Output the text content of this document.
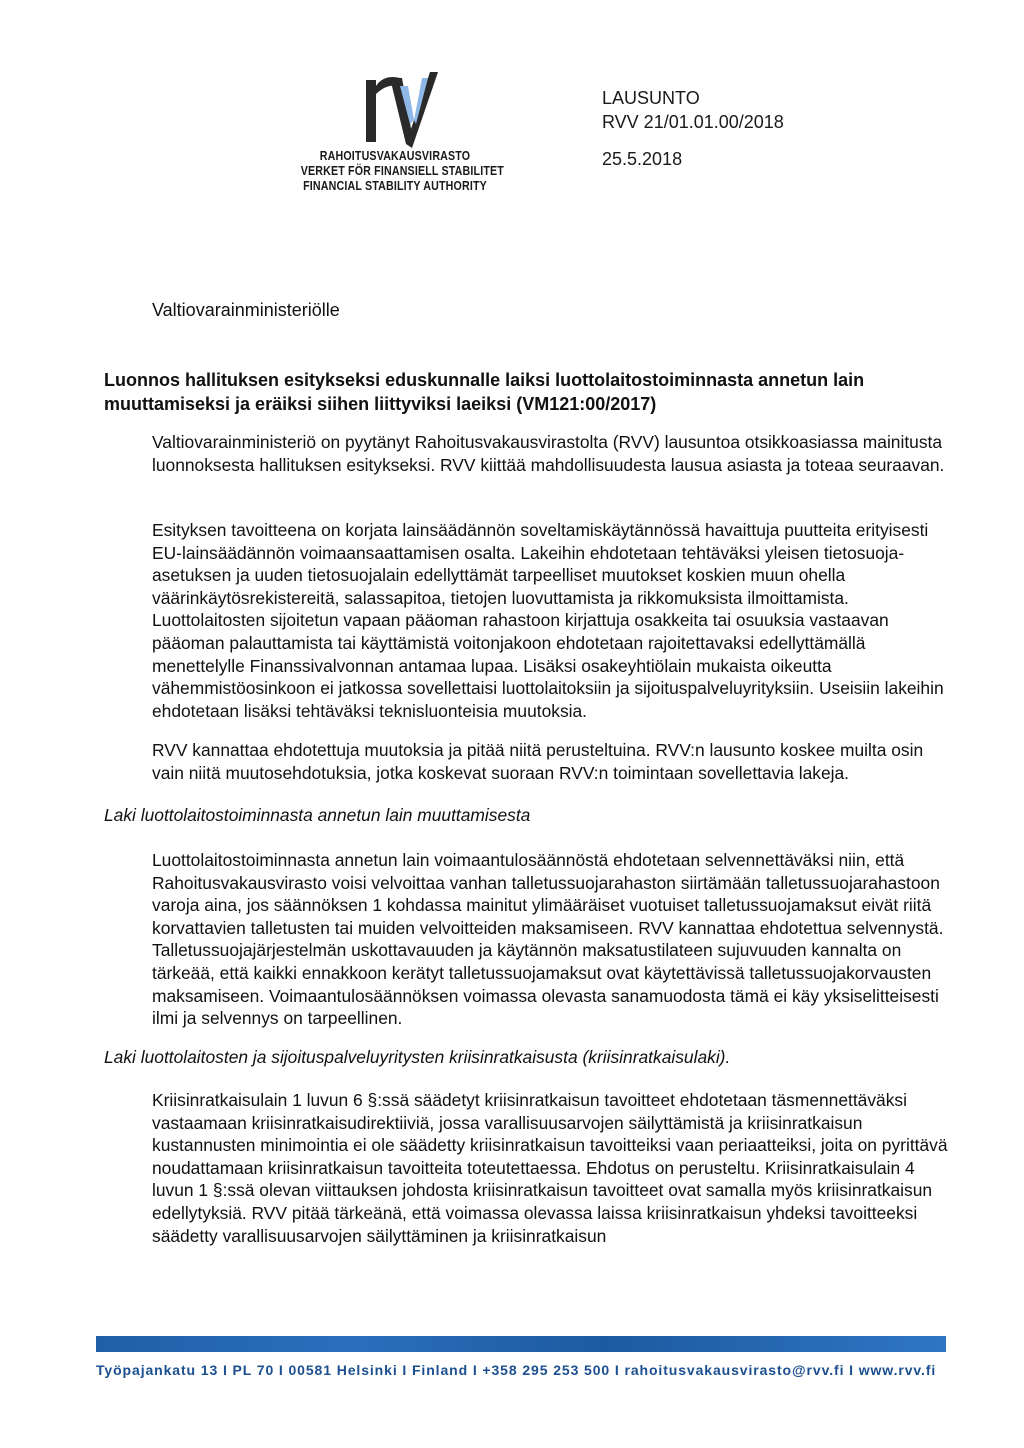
RAHOITUSVAKAUSVIRASTO
VERKET FÖR FINANSIELL STABILITET
FINANCIAL STABILITY AUTHORITY
LAUSUNTO
RVV 21/01.01.00/2018
25.5.2018
Valtiovarainministeriölle
Luonnos hallituksen esitykseksi eduskunnalle laiksi luottolaitostoiminnasta annetun lain muuttamiseksi ja eräiksi siihen liittyviksi laeiksi (VM121:00/2017)
Valtiovarainministeriö on pyytänyt Rahoitusvakausvirastolta (RVV) lausuntoa otsikkoasiassa mainitusta luonnoksesta hallituksen esitykseksi. RVV kiittää mahdollisuudesta lausua asiasta ja toteaa seuraavan.
Esityksen tavoitteena on korjata lainsäädännön soveltamiskäytännössä havaittuja puutteita erityisesti EU-lainsäädännön voimaansaattamisen osalta. Lakeihin ehdotetaan tehtäväksi yleisen tietosuoja-asetuksen ja uuden tietosuojalain edellyttämät tarpeelliset muutokset koskien muun ohella väärinkäytösrekistereitä, salassapitoa, tietojen luovuttamista ja rikkomuksista ilmoittamista. Luottolaitosten sijoitetun vapaan pääoman rahastoon kirjattuja osakkeita tai osuuksia vastaavan pääoman palauttamista tai käyttämistä voitonjakoon ehdotetaan rajoitettavaksi edellyttämällä menettelylle Finanssivalvonnan antamaa lupaa. Lisäksi osakeyhtiölain mukaista oikeutta vähemmistöosinkoon ei jatkossa sovellettaisi luottolaitoksiin ja sijoituspalveluyrityksiin. Useisiin lakeihin ehdotetaan lisäksi tehtäväksi teknisluonteisia muutoksia.
RVV kannattaa ehdotettuja muutoksia ja pitää niitä perusteltuina. RVV:n lausunto koskee muilta osin vain niitä muutosehdotuksia, jotka koskevat suoraan RVV:n toimintaan sovellettavia lakeja.
Laki luottolaitostoiminnasta annetun lain muuttamisesta
Luottolaitostoiminnasta annetun lain voimaantulosäännöstä ehdotetaan selvennettäväksi niin, että Rahoitusvakausvirasto voisi velvoittaa vanhan talletussuojarahaston siirtämään talletussuojarahastoon varoja aina, jos säännöksen 1 kohdassa mainitut ylimääräiset vuotuiset talletussuojamaksut eivät riitä korvattavien talletusten tai muiden velvoitteiden maksamiseen. RVV kannattaa ehdotettua selvennystä. Talletussuojajärjestelmän uskottavauuden ja käytännön maksatustilateen sujuvuuden kannalta on tärkeää, että kaikki ennakkoon kerätyt talletussuojamaksut ovat käytettävissä talletussuojakorvausten maksamiseen. Voimaantulosäännöksen voimassa olevasta sanamuodosta tämä ei käy yksiselitteisesti ilmi ja selvennys on tarpeellinen.
Laki luottolaitosten ja sijoituspalveluyritysten kriisinratkaisusta (kriisinratkaisulaki).
Kriisinratkaisulain 1 luvun 6 §:ssä säädetyt kriisinratkaisun tavoitteet ehdotetaan täsmennettäväksi vastaamaan kriisinratkaisudirektiiviä, jossa varallisuusarvojen säilyttämistä ja kriisinratkaisun kustannusten minimointia ei ole säädetty kriisinratkaisun tavoitteiksi vaan periaatteiksi, joita on pyrittävä noudattamaan kriisinratkaisun tavoitteita toteutettaessa. Ehdotus on perusteltu. Kriisinratkaisulain 4 luvun 1 §:ssä olevan viittauksen johdosta kriisinratkaisun tavoitteet ovat samalla myös kriisinratkaisun edellytyksiä. RVV pitää tärkeänä, että voimassa olevassa laissa kriisinratkaisun yhdeksi tavoitteeksi säädetty varallisuusarvojen säilyttäminen ja kriisinratkaisun
Työpajankatu 13 I PL 70 I 00581 Helsinki I Finland I +358 295 253 500 I rahoitusvakausvirasto@rvv.fi I www.rvv.fi
